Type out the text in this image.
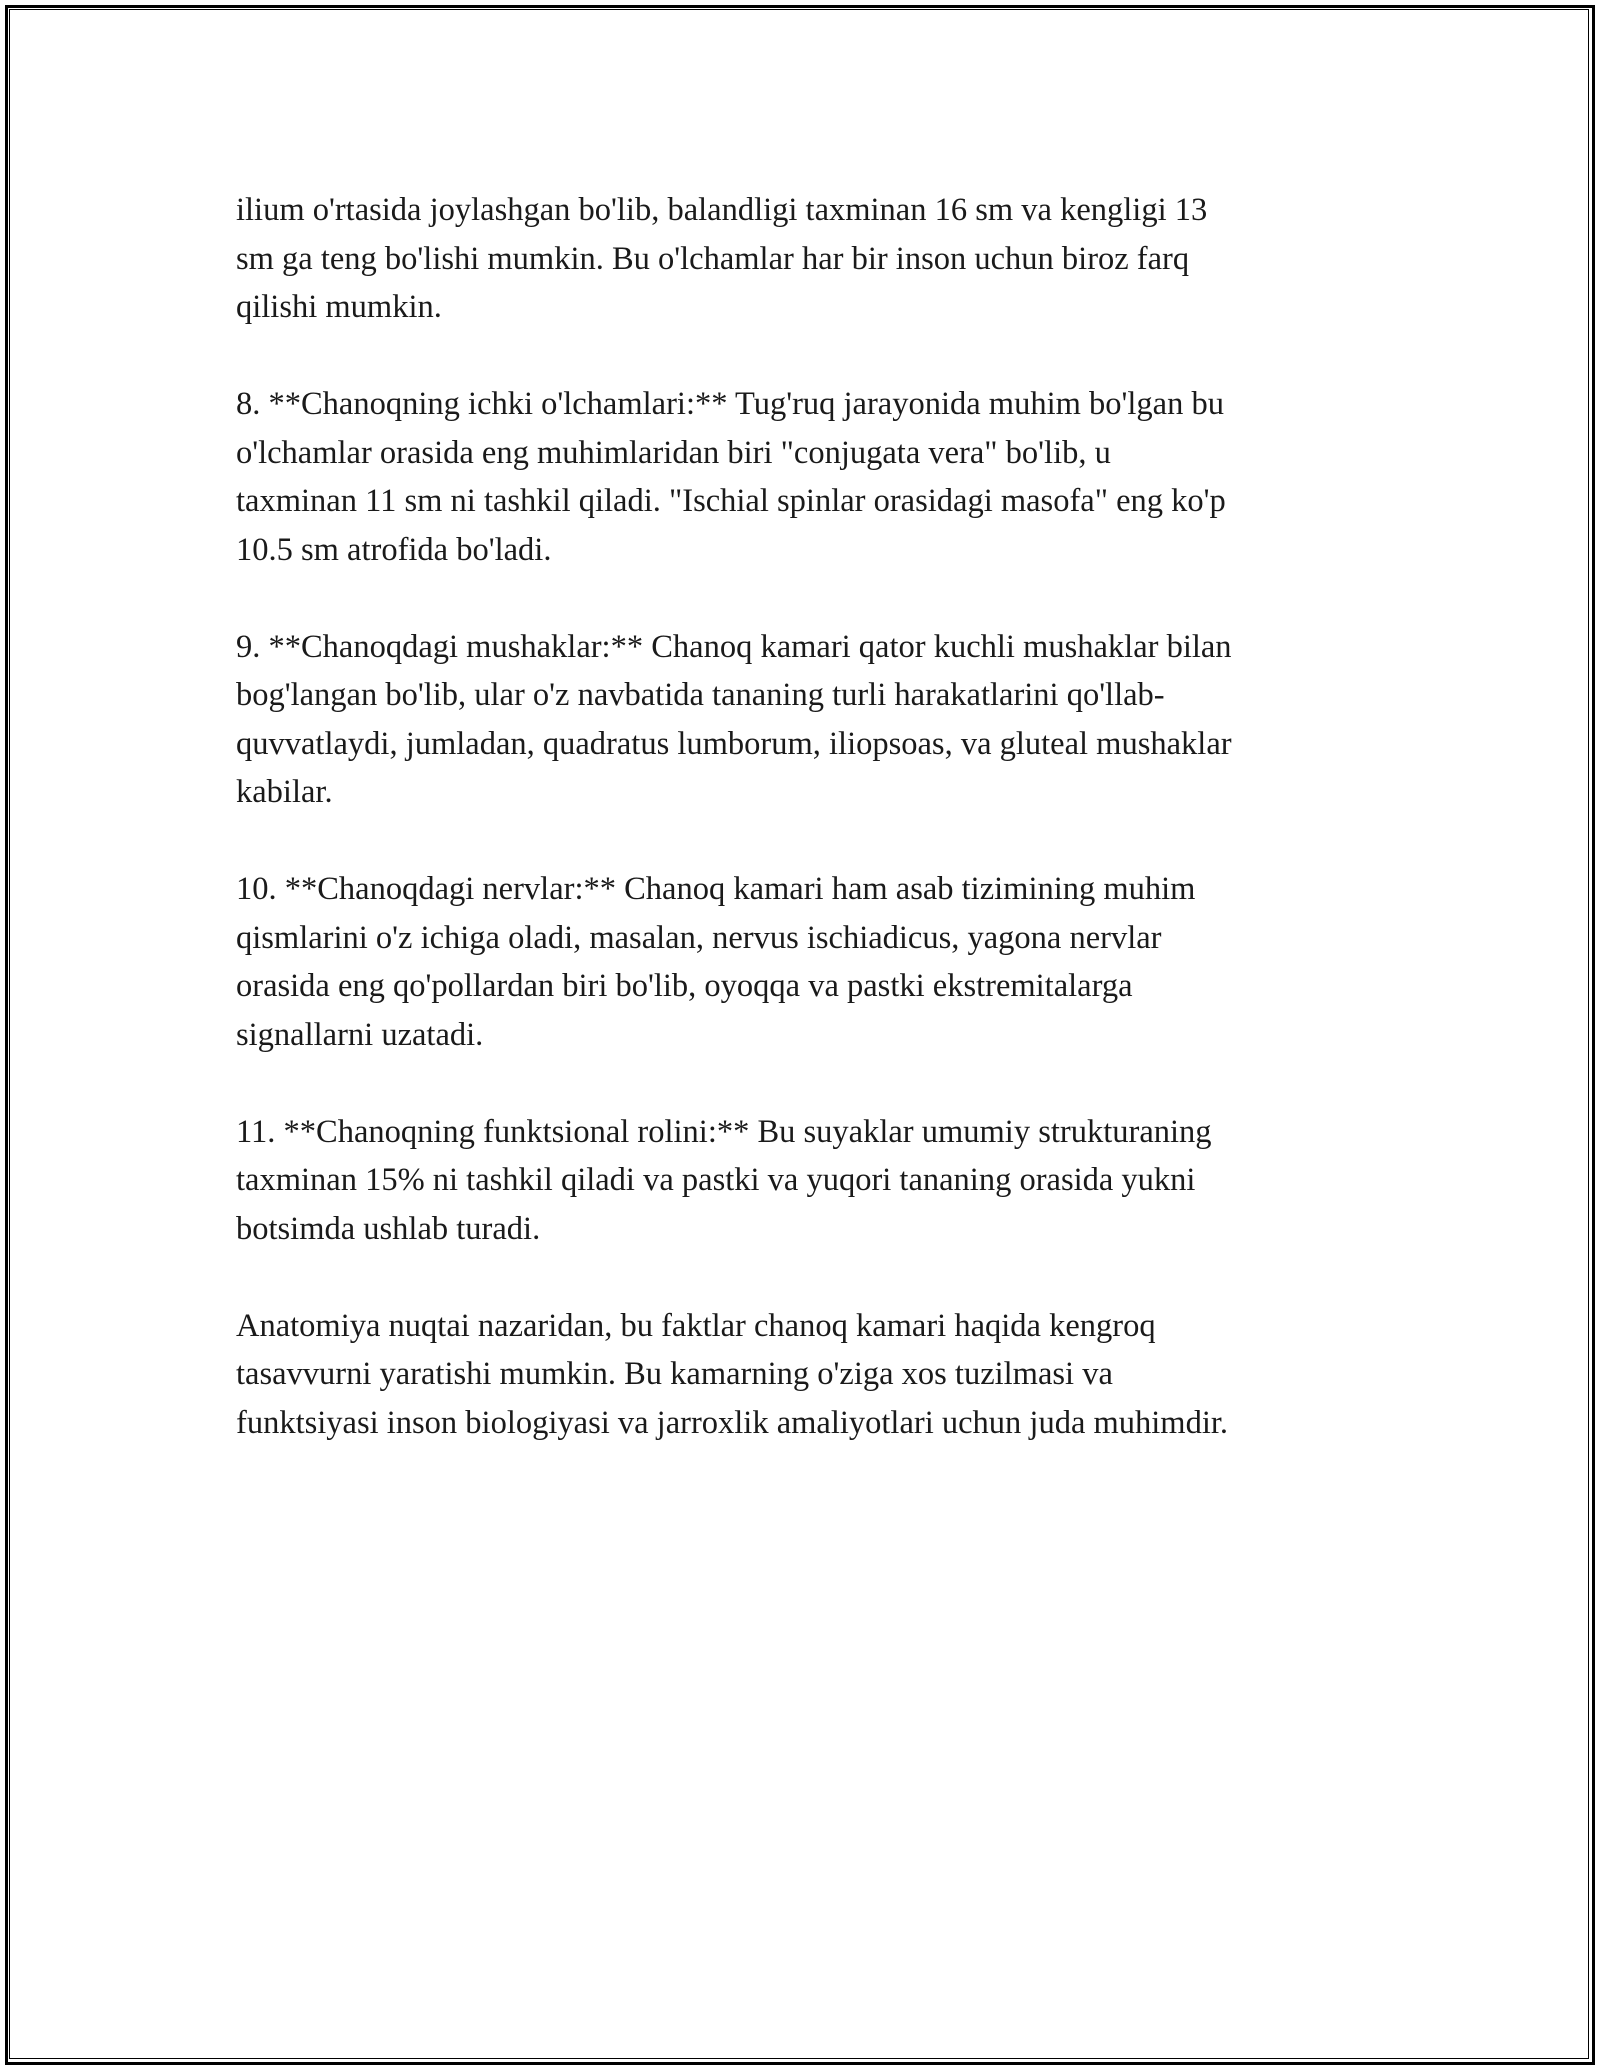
ilium o'rtasida joylashgan bo'lib, balandligi taxminan 16 sm va kengligi 13
sm ga teng bo'lishi mumkin. Bu o'lchamlar har bir inson uchun biroz farq
qilishi mumkin.

8. **Chanoqning ichki o'lchamlari:** Tug'ruq jarayonida muhim bo'lgan bu
o'lchamlar orasida eng muhimlaridan biri "conjugata vera" bo'lib, u
taxminan 11 sm ni tashkil qiladi. "Ischial spinlar orasidagi masofa" eng ko'p
10.5 sm atrofida bo'ladi.

9. **Chanoqdagi mushaklar:** Chanoq kamari qator kuchli mushaklar bilan
bog'langan bo'lib, ular o'z navbatida tananing turli harakatlarini qo'llab-
quvvatlaydi, jumladan, quadratus lumborum, iliopsoas, va gluteal mushaklar
kabilar.

10. **Chanoqdagi nervlar:** Chanoq kamari ham asab tizimining muhim
qismlarini o'z ichiga oladi, masalan, nervus ischiadicus, yagona nervlar
orasida eng qo'pollardan biri bo'lib, oyoqqa va pastki ekstremitalarga
signallarni uzatadi.

11. **Chanoqning funktsional rolini:** Bu suyaklar umumiy strukturaning
taxminan 15% ni tashkil qiladi va pastki va yuqori tananing orasida yukni
botsimda ushlab turadi.

Anatomiya nuqtai nazaridan, bu faktlar chanoq kamari haqida kengroq
tasavvurni yaratishi mumkin. Bu kamarning o'ziga xos tuzilmasi va
funktsiyasi inson biologiyasi va jarroxlik amaliyotlari uchun juda muhimdir.
